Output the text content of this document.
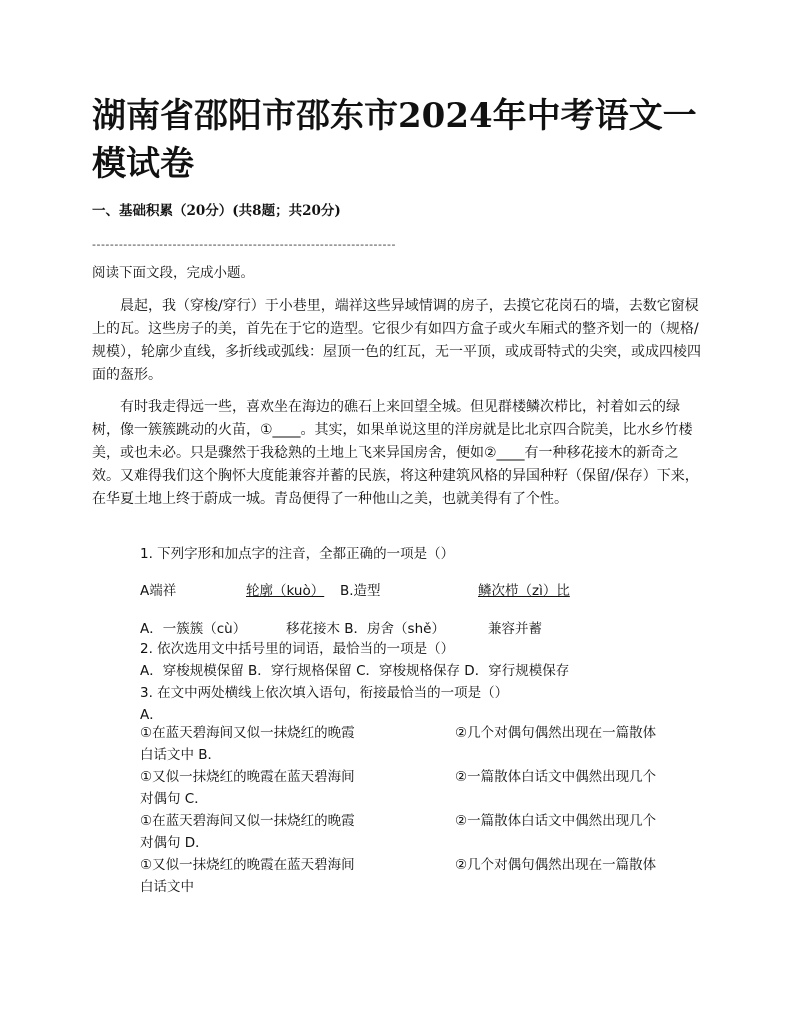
湖南省邵阳市邵东市2024年中考语文一模试卷
一、基础积累（20分）(共8题；共20分)
--------------------------------------------------------------------
阅读下面文段，完成小题。

晨起，我（穿梭/穿行）于小巷里，端祥这些异域情调的房子，去摸它花岗石的墙，去数它窗棂上的瓦。这些房子的美，首先在于它的造型。它很少有如四方盒子或火车厢式的整齐划一的（规格/规模），轮廓少直线，多折线或弧线：屋顶一色的红瓦，无一平顶，或成哥特式的尖突，或成四棱四面的盔形。

有时我走得远一些，喜欢坐在海边的礁石上来回望全城。但见群楼鳞次栉比，衬着如云的绿树，像一簇簇跳动的火苗，①____。其实，如果单说这里的洋房就是比北京四合院美，比水乡竹楼美，或也未必。只是骤然于我稔熟的土地上飞来异国房舍，便如②____有一种移花接木的新奇之效。又难得我们这个胸怀大度能兼容并蓄的民族，将这种建筑风格的异国种籽（保留/保存）下来，在华夏土地上终于蔚成一城。青岛便得了一种他山之美，也就美得有了个性。

1. 下列字形和加点字的注音，全都正确的一项是（）
A端祥	轮廓（kuò） B.造型	鳞次栉（zì）比
A．一簇簇（cù）	移花接木 B．房舍（shě）	兼容并蓄
2. 依次选用文中括号里的词语，最恰当的一项是（）
A．穿梭规模保留 B．穿行规格保留 C．穿梭规格保存 D．穿行规模保存
3. 在文中两处横线上依次填入语句，衔接最恰当的一项是（）
A．
①在蓝天碧海间又似一抹烧红的晚霞	②几个对偶句偶然出现在一篇散体
白话文中 B．
①又似一抹烧红的晚霞在蓝天碧海间	②一篇散体白话文中偶然出现几个
对偶句 C．
①在蓝天碧海间又似一抹烧红的晚霞	②一篇散体白话文中偶然出现几个
对偶句 D．
①又似一抹烧红的晚霞在蓝天碧海间	②几个对偶句偶然出现在一篇散体
白话文中
